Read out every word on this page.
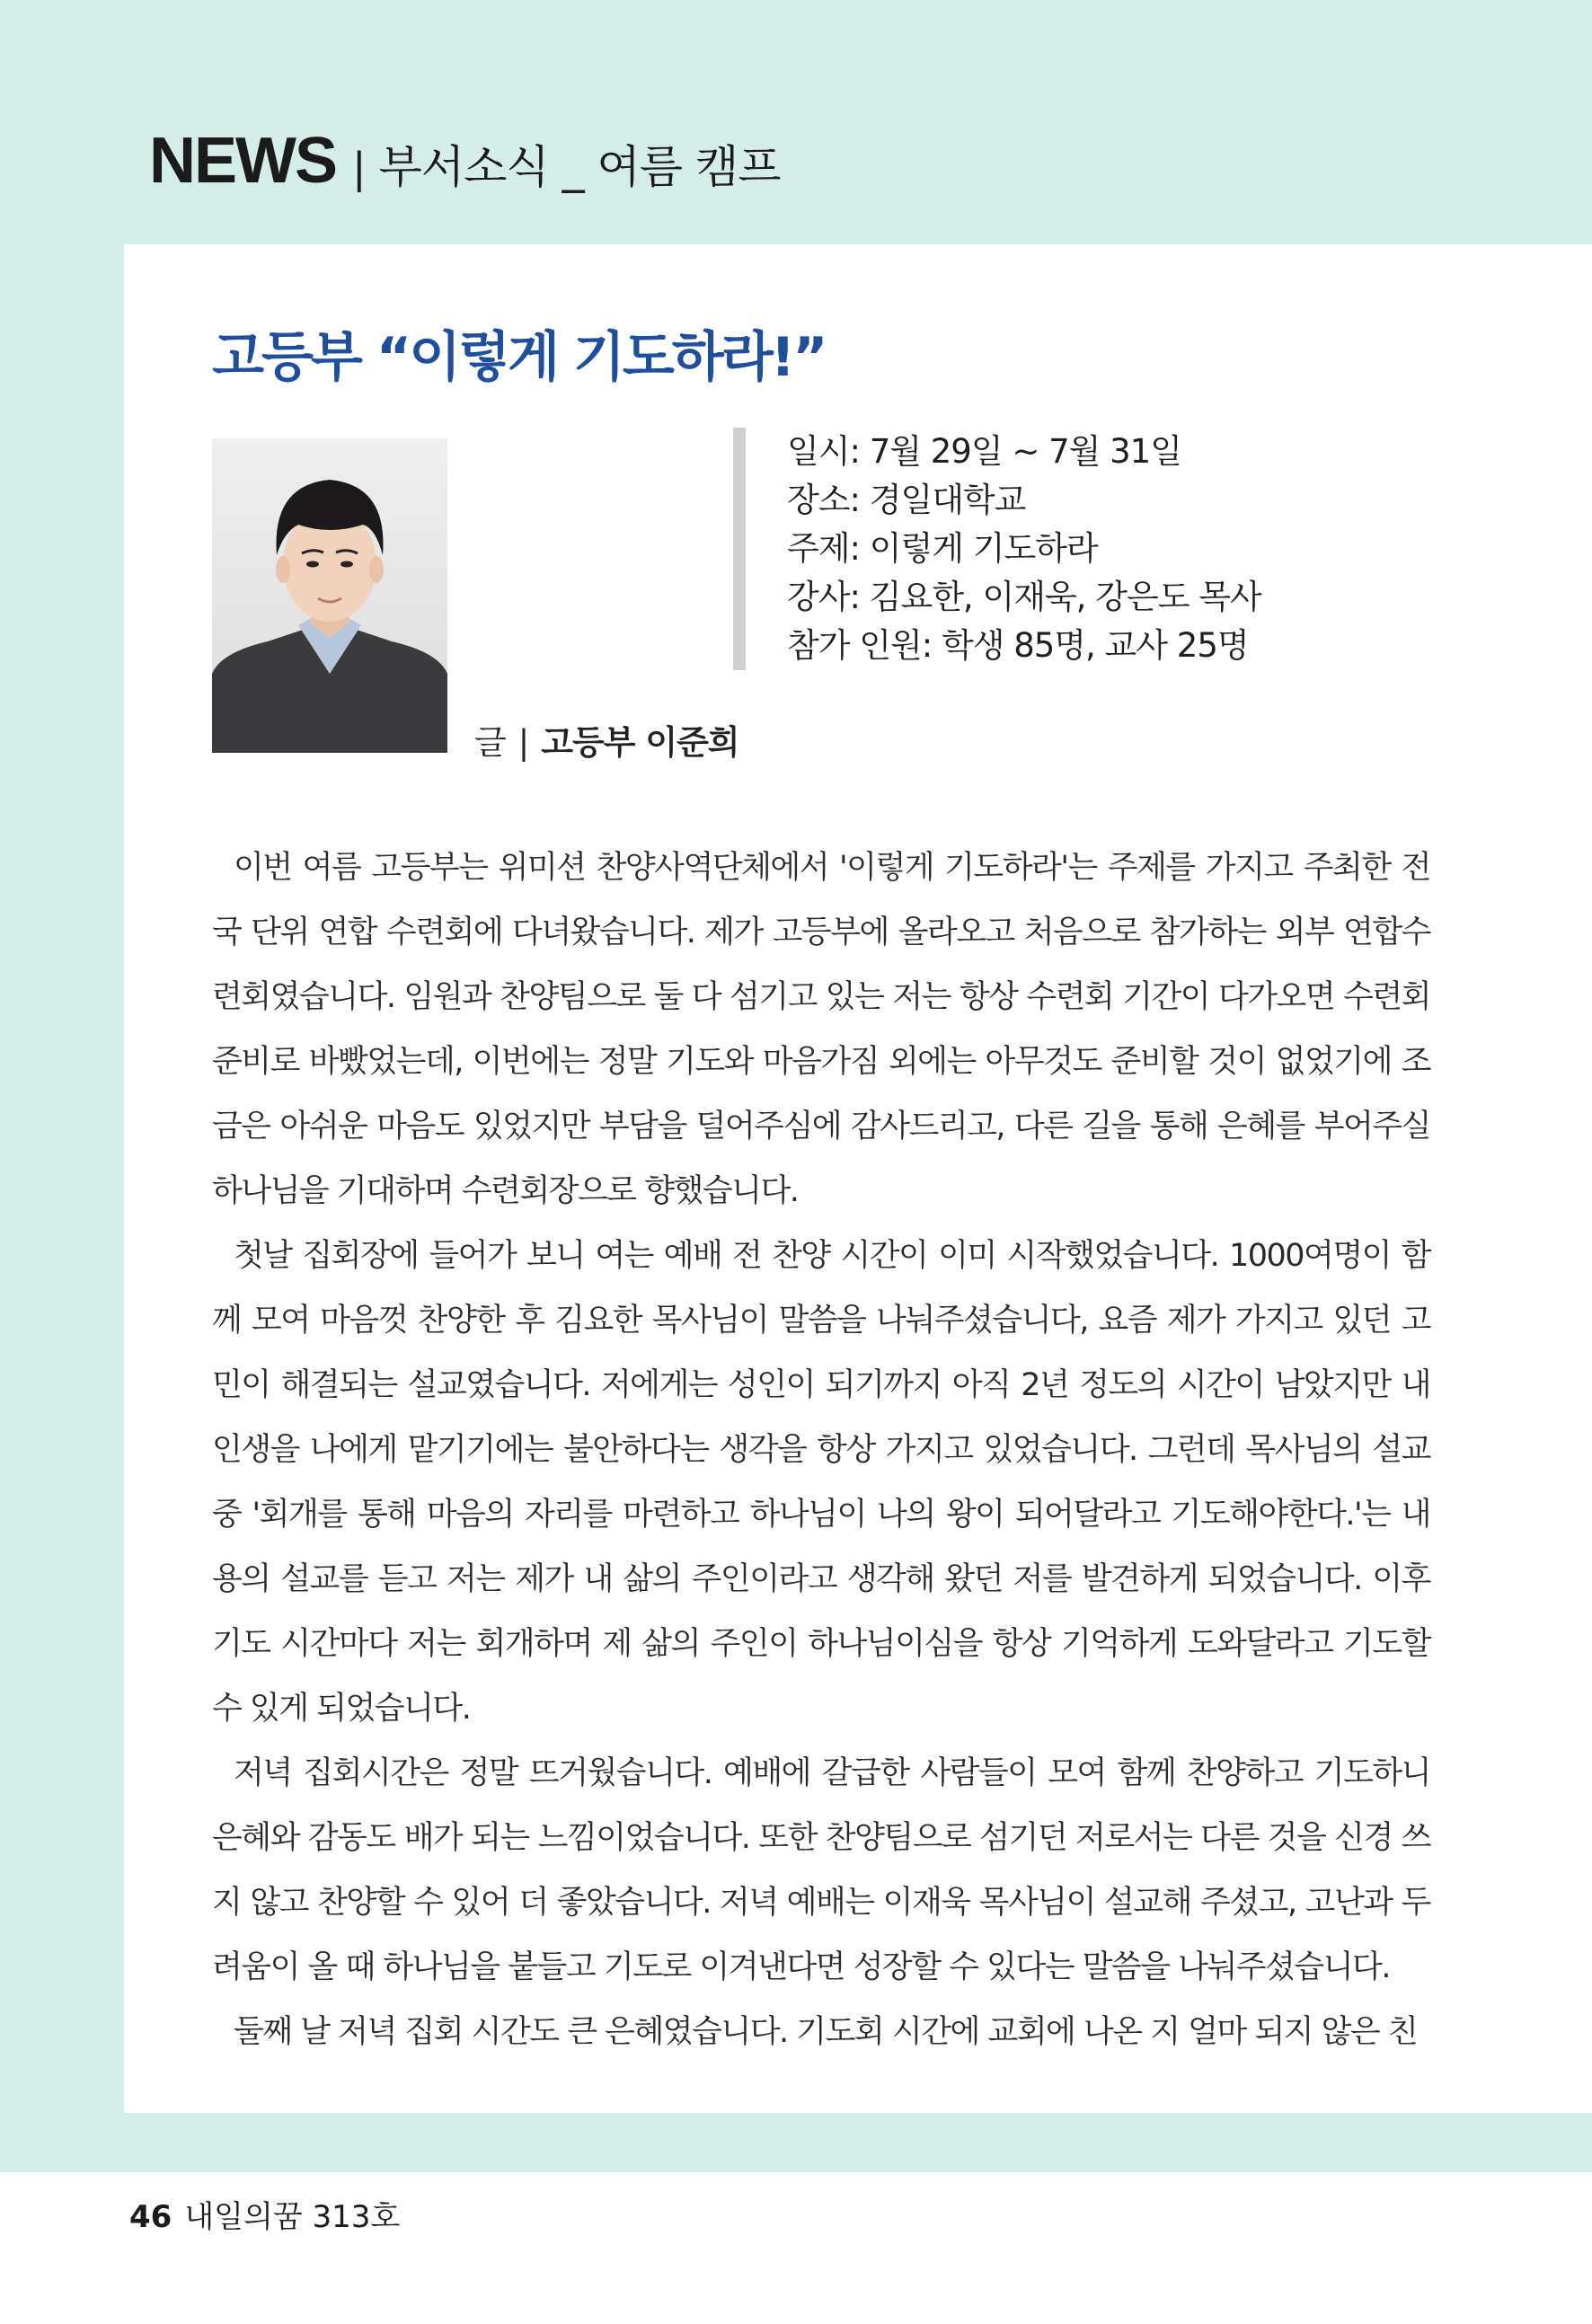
NEWS | 부서소식 _ 여름 캠프
고등부 “이렇게 기도하라!”
일시: 7월 29일 ~ 7월 31일
장소: 경일대학교
주제: 이렇게 기도하라
강사: 김요한, 이재욱, 강은도 목사
참가 인원: 학생 85명, 교사 25명
글 | 고등부 이준희

이번 여름 고등부는 위미션 찬양사역단체에서 '이렇게 기도하라'는 주제를 가지고 주최한 전국 단위 연합 수련회에 다녀왔습니다. 제가 고등부에 올라오고 처음으로 참가하는 외부 연합수련회였습니다. 임원과 찬양팀으로 둘 다 섬기고 있는 저는 항상 수련회 기간이 다가오면 수련회 준비로 바빴었는데, 이번에는 정말 기도와 마음가짐 외에는 아무것도 준비할 것이 없었기에 조금은 아쉬운 마음도 있었지만 부담을 덜어주심에 감사드리고, 다른 길을 통해 은혜를 부어주실 하나님을 기대하며 수련회장으로 향했습니다.

첫날 집회장에 들어가 보니 여는 예배 전 찬양 시간이 이미 시작했었습니다. 1000여명이 함께 모여 마음껏 찬양한 후 김요한 목사님이 말씀을 나눠주셨습니다, 요즘 제가 가지고 있던 고민이 해결되는 설교였습니다. 저에게는 성인이 되기까지 아직 2년 정도의 시간이 남았지만 내 인생을 나에게 맡기기에는 불안하다는 생각을 항상 가지고 있었습니다. 그런데 목사님의 설교 중 '회개를 통해 마음의 자리를 마련하고 하나님이 나의 왕이 되어달라고 기도해야한다.'는 내용의 설교를 듣고 저는 제가 내 삶의 주인이라고 생각해 왔던 저를 발견하게 되었습니다. 이후 기도 시간마다 저는 회개하며 제 삶의 주인이 하나님이심을 항상 기억하게 도와달라고 기도할 수 있게 되었습니다.

저녁 집회시간은 정말 뜨거웠습니다. 예배에 갈급한 사람들이 모여 함께 찬양하고 기도하니 은혜와 감동도 배가 되는 느낌이었습니다. 또한 찬양팀으로 섬기던 저로서는 다른 것을 신경 쓰지 않고 찬양할 수 있어 더 좋았습니다. 저녁 예배는 이재욱 목사님이 설교해 주셨고, 고난과 두려움이 올 때 하나님을 붙들고 기도로 이겨낸다면 성장할 수 있다는 말씀을 나눠주셨습니다.

둘째 날 저녁 집회 시간도 큰 은혜였습니다. 기도회 시간에 교회에 나온 지 얼마 되지 않은 친

46 내일의꿈 313호
